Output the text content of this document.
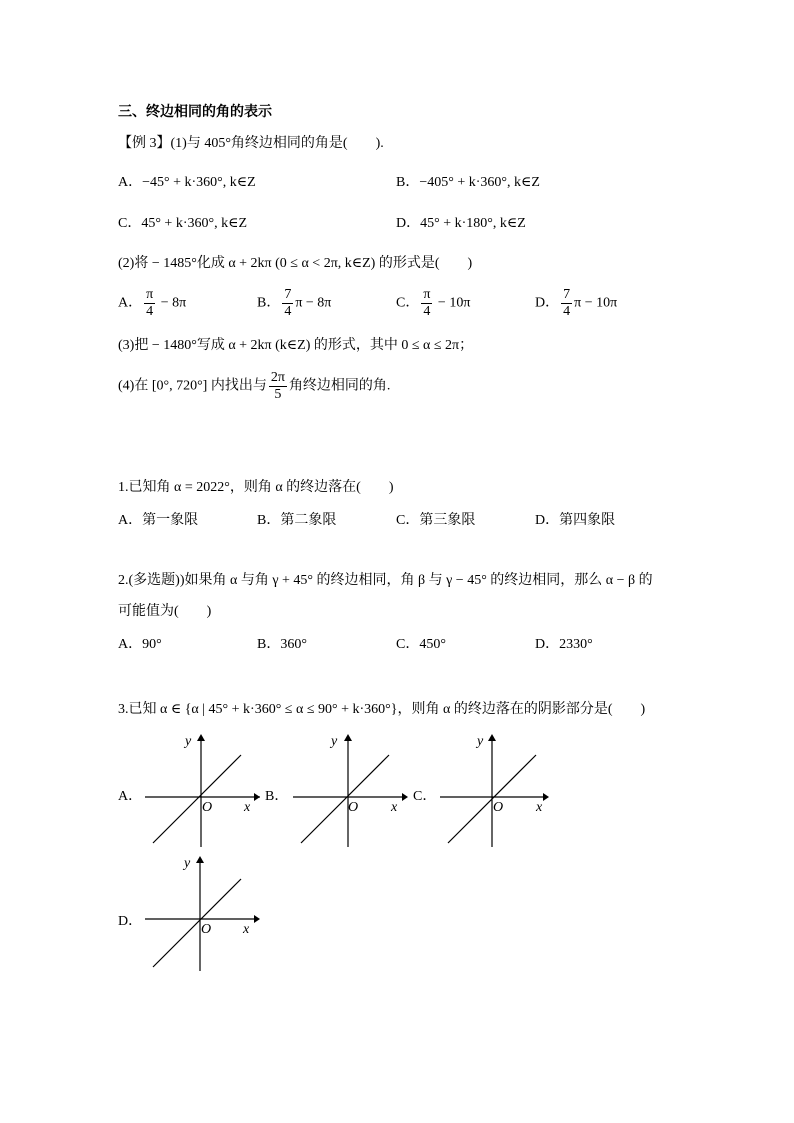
三、终边相同的角的表示
【例 3】(1)与 405°角终边相同的角是(　　).
A．−45° + k·360°, k∈Z	B．−405° + k·360°, k∈Z
C．45° + k·360°, k∈Z	D．45° + k·180°, k∈Z
(2)将 − 1485°化成 α + 2kπ (0 ≤ α < 2π, k∈Z) 的形式是(　　)
A． $\frac{\pi}{4} - 8\pi$	B． $\frac{7}{4}$ π − 8π	C． $\frac{\pi}{4} - 10\pi$	D． $\frac{7}{4}$ π − 10π
(3)把 − 1480°写成 α + 2kπ (k∈Z) 的形式，其中 0 ≤ α ≤ 2π；
(4)在 [0°, 720°] 内找出与 $\frac{2\pi}{5}$ 角终边相同的角.
1.已知角 α = 2022°，则角 α 的终边落在(　　)
A．第一象限	B．第二象限	C．第三象限	D．第四象限
2.(多选题))如果角 α 与角 γ + 45° 的终边相同，角 β 与 γ − 45° 的终边相同，那么 α − β 的
可能值为(　　)
A．90°	B．360°	C．450°	D．2330°
3.已知 α ∈ {α | 45° + k·360° ≤ α ≤ 90° + k·360°}，则角 α 的终边落在的阴影部分是(　　)
A．	B．	C．
D．
y
x
O
y
x
O
y
x
O
y
x
O
